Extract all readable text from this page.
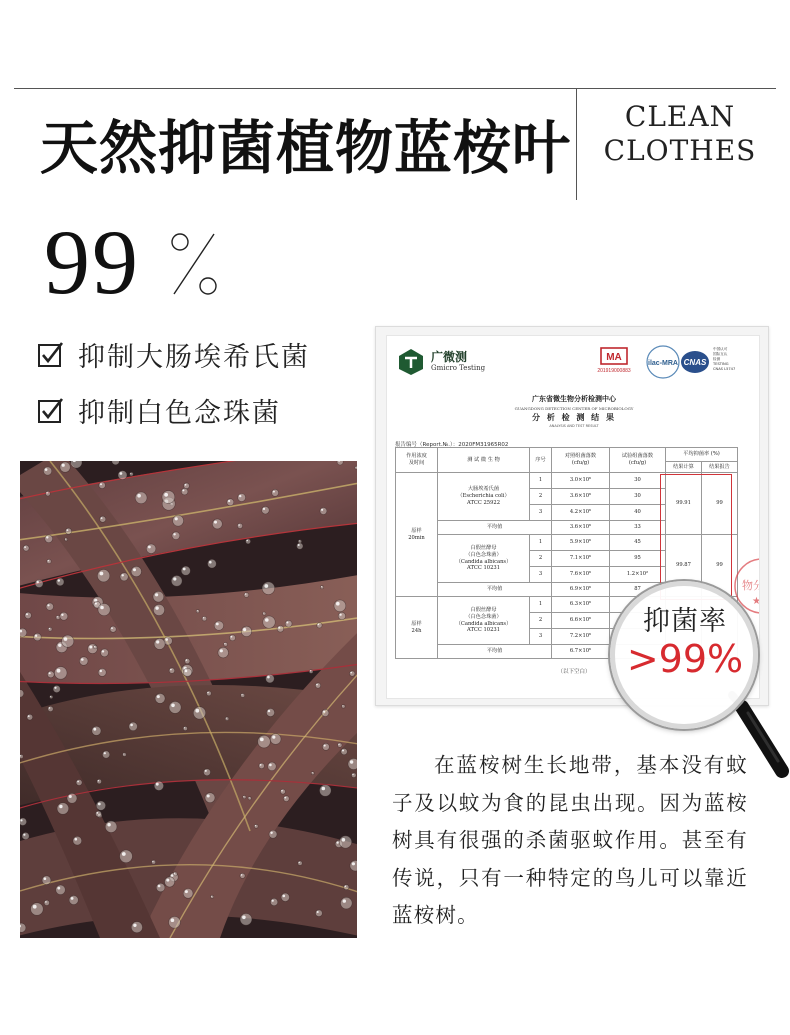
天然抑菌植物蓝桉叶	CLEAN
CLOTHES
99
抑制大肠埃希氏菌
抑制白色念珠菌
广微测
Gmicro Testing
MA
201919000883
ilac-MRA CNAS
中国认可
国际互认
检测
TESTING
CNAS L5747
广东省微生物分析检测中心
GUANGDONG DETECTION CENTER OF MICROBIOLOGY
分 析 检 测 结 果
ANALYSIS AND TEST RESULT
报告编号（Report.№.）：2020FM31965R02
作用浓度
及时间	测 试 微 生 物	序号	对照组菌落数
(cfu/g)	试验组菌落数
(cfu/g)	平均抑菌率 (%)	
					结果计算	结果报告
原样
20min	大肠埃希氏菌
（Escherichia coli）
ATCC 25922	1	3.0×10⁶	30	99.91	99
		2	3.6×10⁶	30		
		3	4.2×10⁶	40		
	平均值		3.6×10⁶	33		
	白假丝酵母
（白色念珠菌）
（Candida albicans）
ATCC 10231	1	5.9×10⁶	45	99.87	99
		2	7.1×10⁶	95		
		3	7.6×10⁶	1.2×10²		
	平均值		6.9×10⁶	87		
原样
24h	白假丝酵母
（白色念珠菌）
（Candida albicans）
ATCC 10231	1	6.3×10⁶			
		2	6.6×10⁶			
		3	7.2×10⁶			
	平均值		6.7×10⁶			
（以下空白）
物分
★
抑菌率
>99%

在蓝桉树生长地带，基本没有蚊子及以蚊为食的昆虫出现。因为蓝桉树具有很强的杀菌驱蚊作用。甚至有传说，只有一种特定的鸟儿可以靠近蓝桉树。
